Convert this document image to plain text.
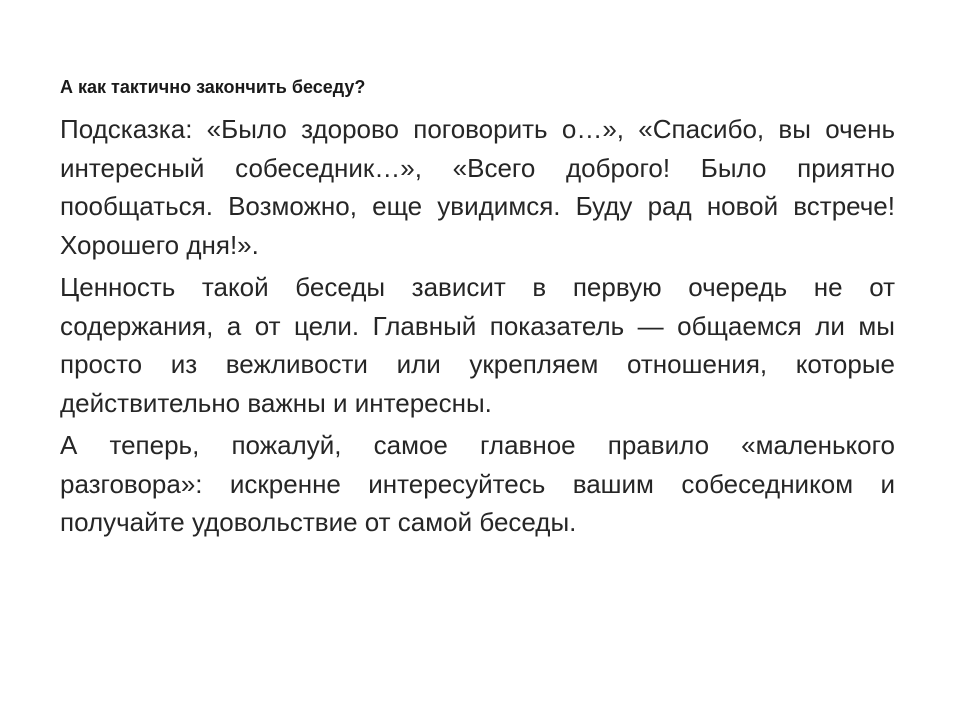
А как тактично закончить беседу?

Подсказка: «Было здорово поговорить о…», «Спасибо, вы очень интересный собеседник…», «Всего доброго! Было приятно пообщаться. Возможно, еще увидимся. Буду рад новой встрече! Хорошего дня!».

Ценность такой беседы зависит в первую очередь не от содержания, а от цели. Главный показатель — общаемся ли мы просто из вежливости или укрепляем отношения, которые действительно важны и интересны.

А теперь, пожалуй, самое главное правило «маленького разговора»: искренне интересуйтесь вашим собеседником и получайте удовольствие от самой беседы.
